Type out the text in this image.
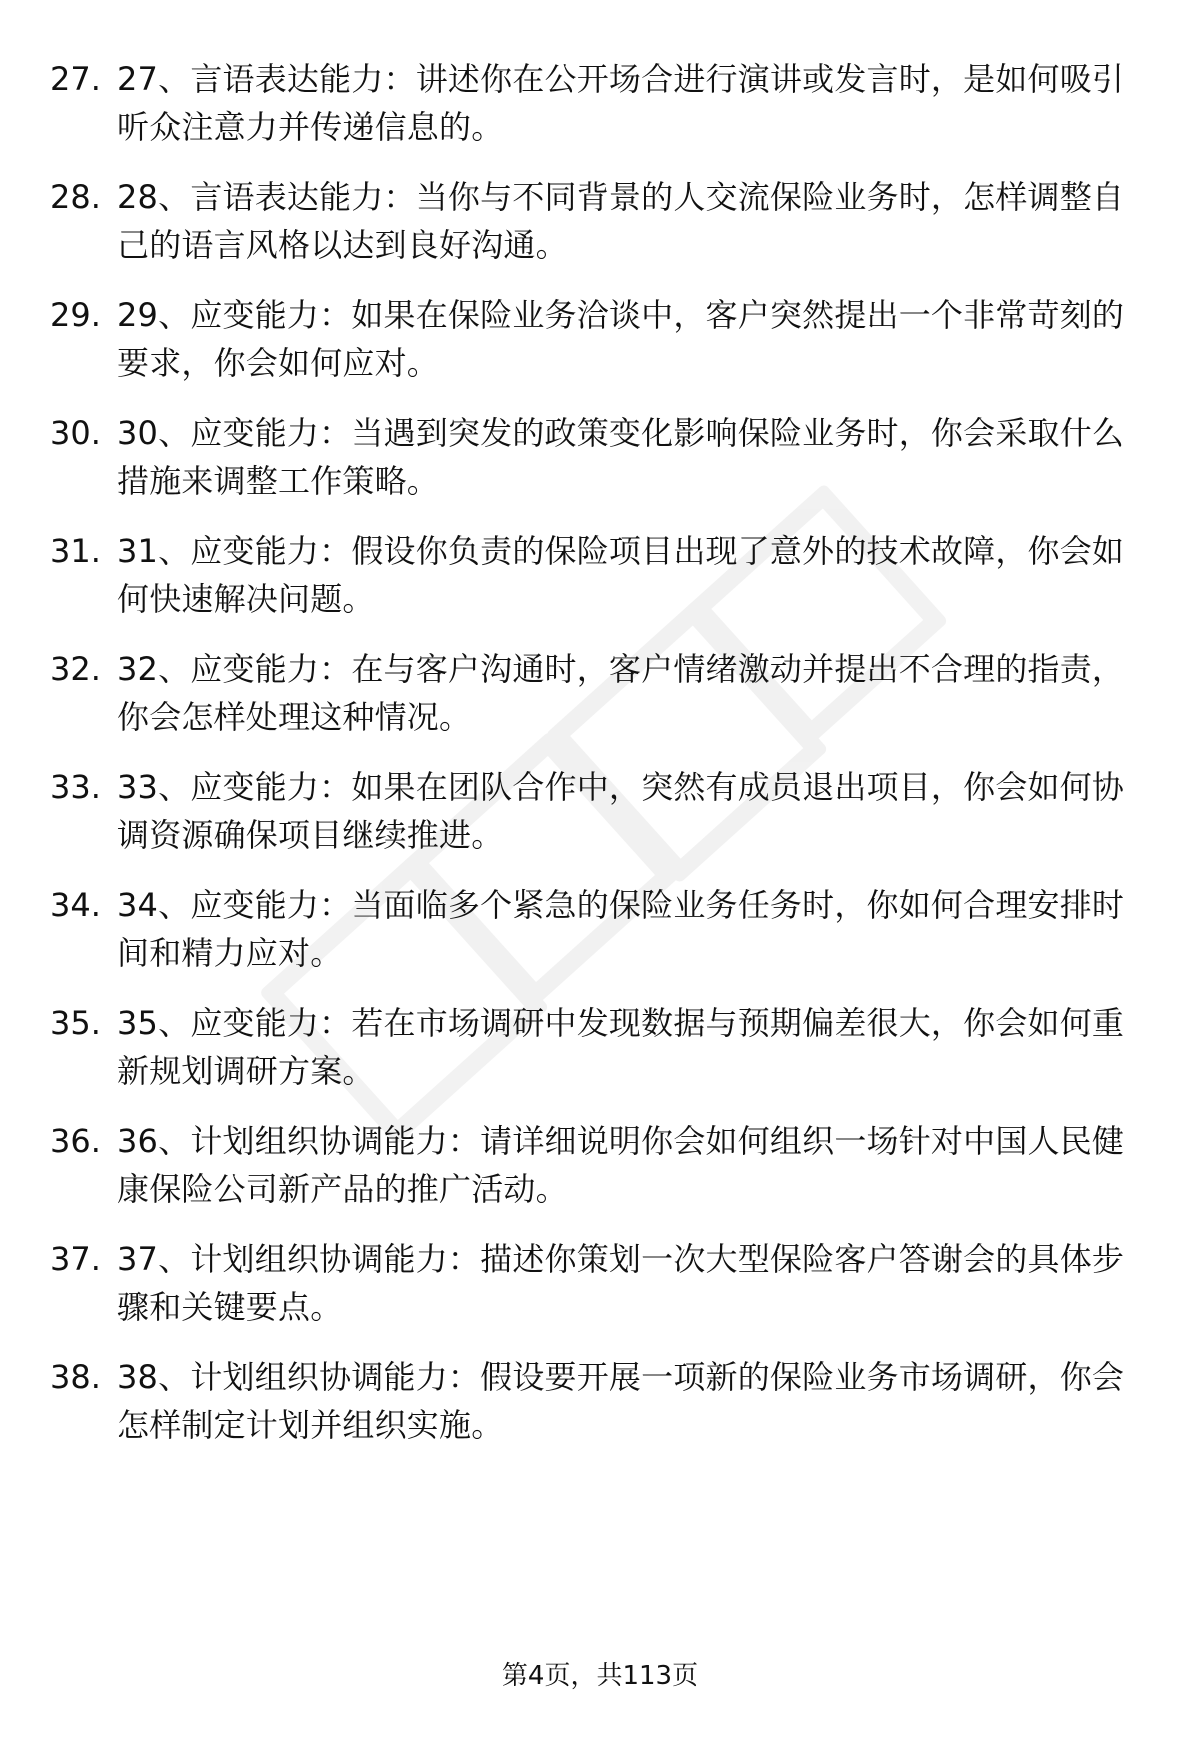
27. 27、言语表达能力：讲述你在公开场合进行演讲或发言时，是如何吸引听众注意力并传递信息的。
28. 28、言语表达能力：当你与不同背景的人交流保险业务时，怎样调整自己的语言风格以达到良好沟通。
29. 29、应变能力：如果在保险业务洽谈中，客户突然提出一个非常苛刻的要求，你会如何应对。
30. 30、应变能力：当遇到突发的政策变化影响保险业务时，你会采取什么措施来调整工作策略。
31. 31、应变能力：假设你负责的保险项目出现了意外的技术故障，你会如何快速解决问题。
32. 32、应变能力：在与客户沟通时，客户情绪激动并提出不合理的指责，你会怎样处理这种情况。
33. 33、应变能力：如果在团队合作中，突然有成员退出项目，你会如何协调资源确保项目继续推进。
34. 34、应变能力：当面临多个紧急的保险业务任务时，你如何合理安排时间和精力应对。
35. 35、应变能力：若在市场调研中发现数据与预期偏差很大，你会如何重新规划调研方案。
36. 36、计划组织协调能力：请详细说明你会如何组织一场针对中国人民健康保险公司新产品的推广活动。
37. 37、计划组织协调能力：描述你策划一次大型保险客户答谢会的具体步骤和关键要点。
38. 38、计划组织协调能力：假设要开展一项新的保险业务市场调研，你会怎样制定计划并组织实施。
第4页，共113页
